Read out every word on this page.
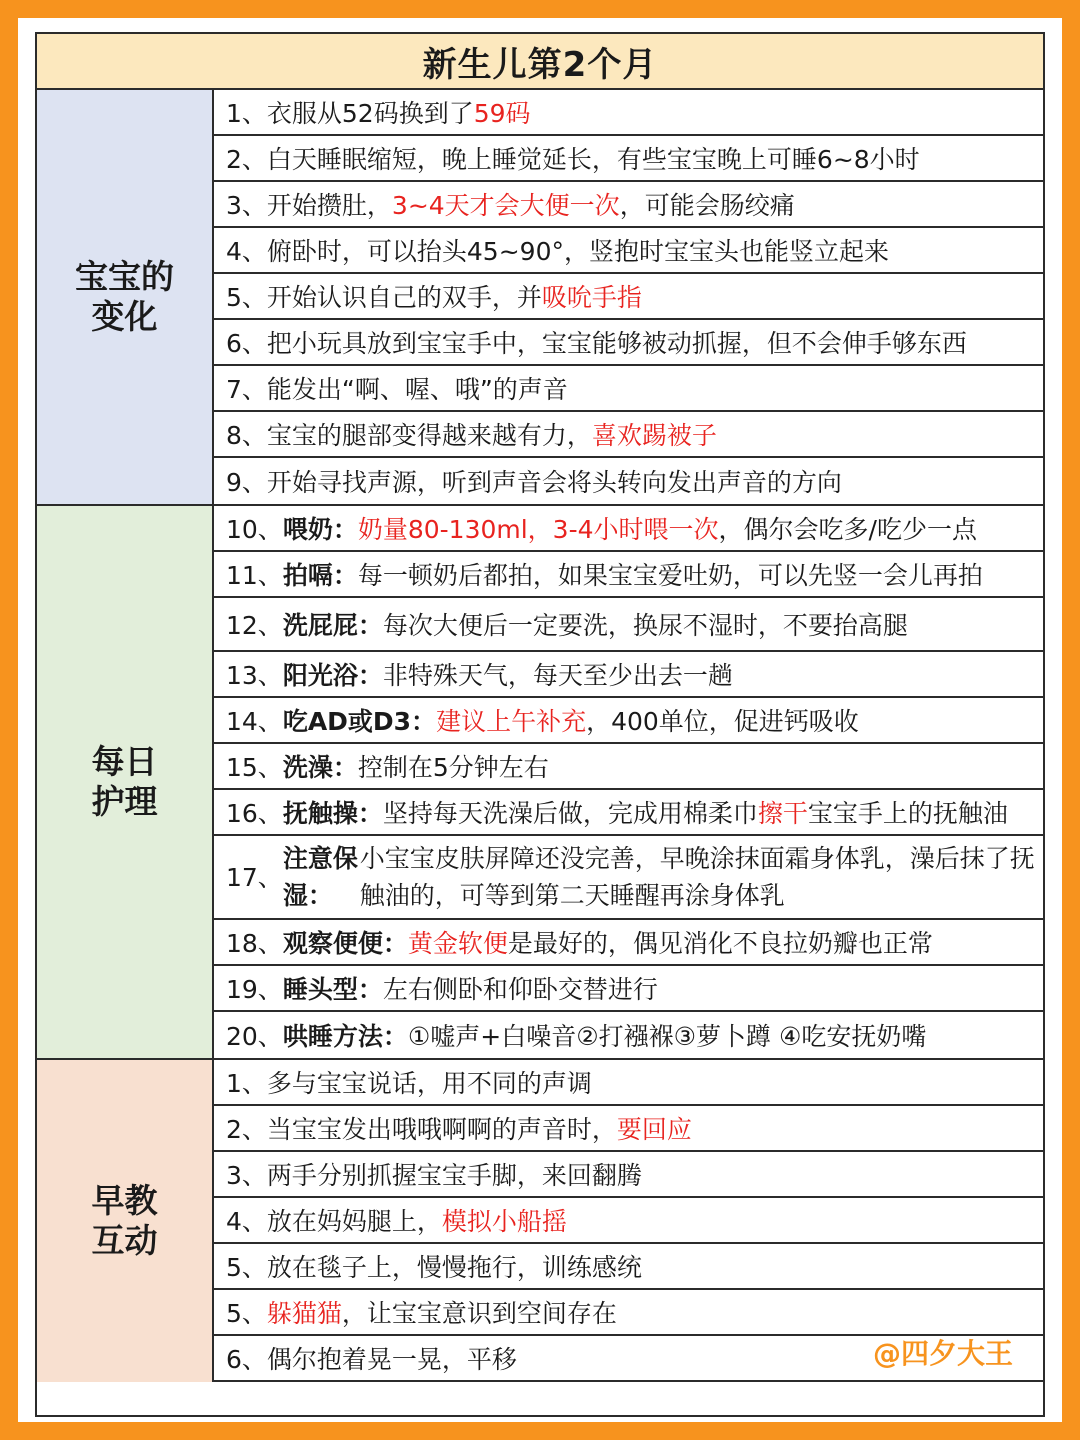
新生儿第2个月
宝宝的
变化
1、衣服从52码换到了 59码
2、白天睡眠缩短，晚上睡觉延长，有些宝宝晚上可睡6~8小时
3、开始攒肚， 3~4天才会大便一次 ，可能会肠绞痛
4、俯卧时，可以抬头45~90°，竖抱时宝宝头也能竖立起来
5、开始认识自己的双手，并 吸吮手指
6、把小玩具放到宝宝手中，宝宝能够被动抓握，但不会伸手够东西
7、能发出“啊、喔、哦”的声音
8、宝宝的腿部变得越来越有力， 喜欢踢被子
9、开始寻找声源，听到声音会将头转向发出声音的方向
每日
护理
10、 喂奶： 奶量80-130ml，3-4小时喂一次 ，偶尔会吃多/吃少一点
11、 拍嗝： 每一顿奶后都拍，如果宝宝爱吐奶，可以先竖一会儿再拍
12、 洗屁屁： 每次大便后一定要洗，换尿不湿时，不要抬高腿
13、 阳光浴： 非特殊天气，每天至少出去一趟
14、 吃AD或D3： 建议上午补充 ，400单位，促进钙吸收
15、 洗澡： 控制在5分钟左右
16、 抚触操： 坚持每天洗澡后做，完成用棉柔巾 擦干 宝宝手上的抚触油
17、
注意保湿：
小宝宝皮肤屏障还没完善，早晚涂抹面霜身体乳，澡后抹了抚触油的，可等到第二天睡醒再涂身体乳
18、 观察便便： 黄金软便 是最好的，偶见消化不良拉奶瓣也正常
19、 睡头型： 左右侧卧和仰卧交替进行
20、 哄睡方法： ①嘘声+白噪音②打襁褓③萝卜蹲 ④吃安抚奶嘴
早教
互动
1、多与宝宝说话，用不同的声调
2、当宝宝发出哦哦啊啊的声音时， 要回应
3、两手分别抓握宝宝手脚，来回翻腾
4、放在妈妈腿上， 模拟小船摇
5、放在毯子上，慢慢拖行，训练感统
5、 躲猫猫 ，让宝宝意识到空间存在
6、偶尔抱着晃一晃，平移	@四夕大王
